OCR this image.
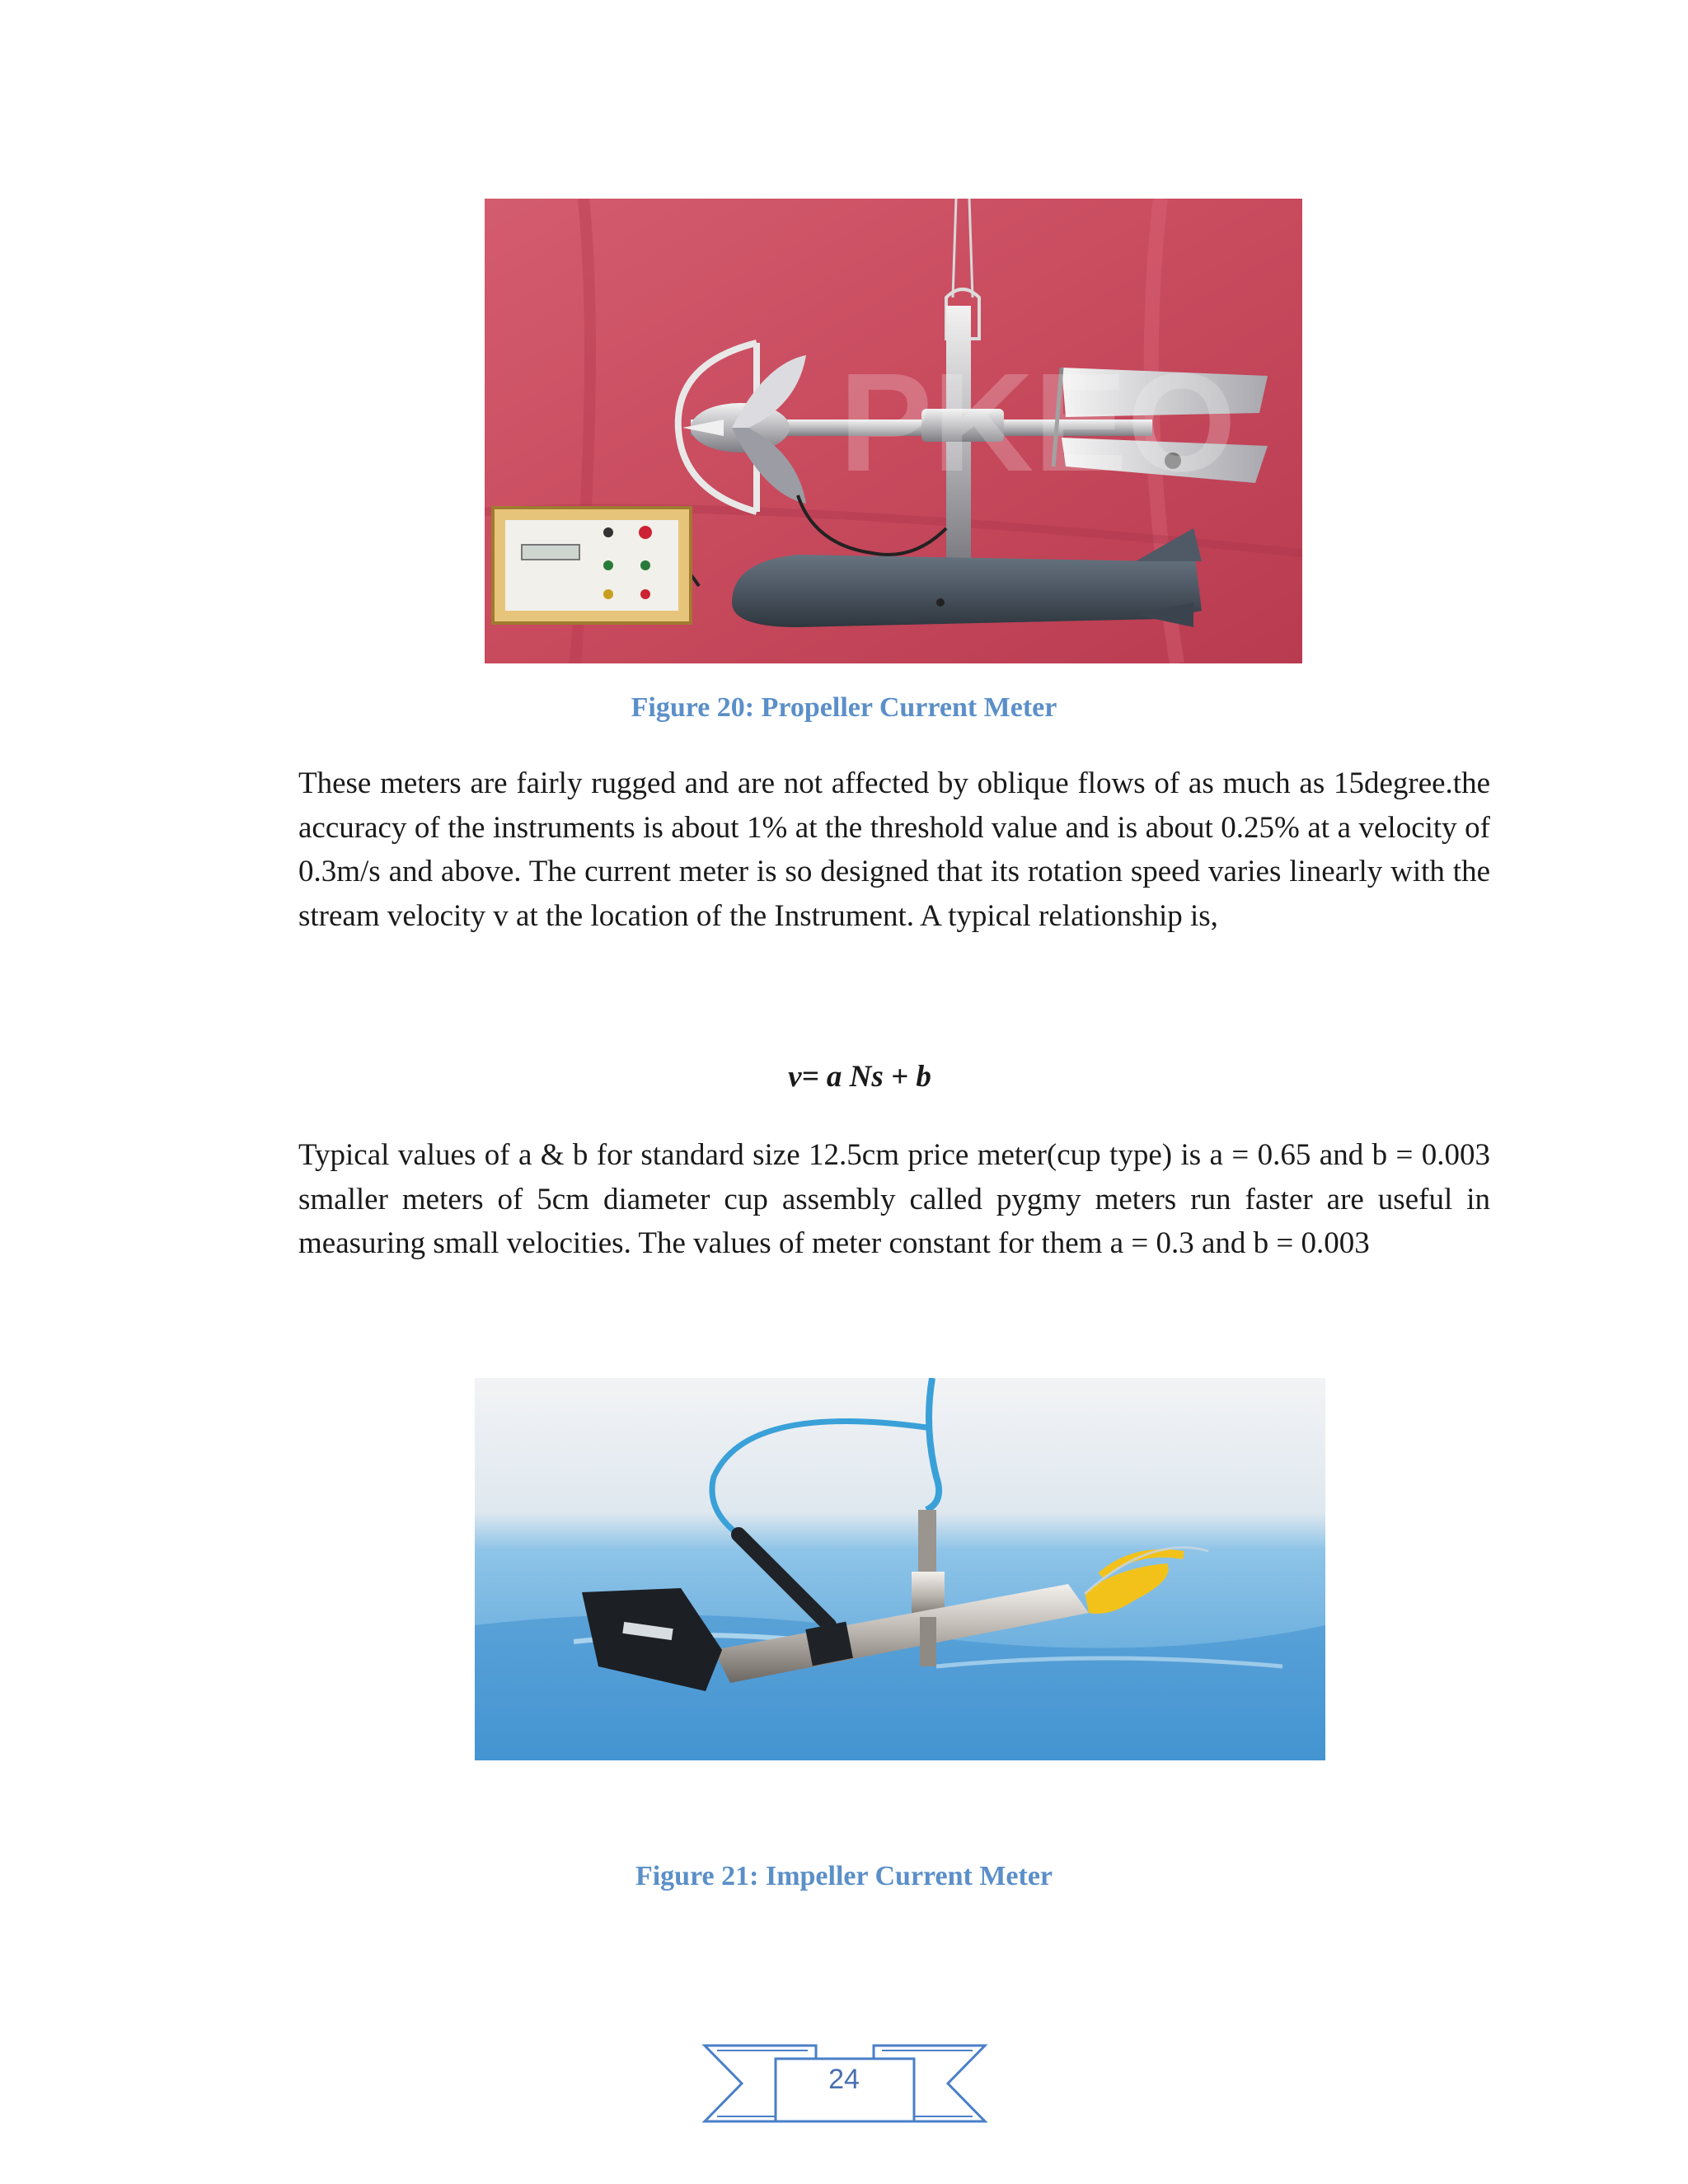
PKEO
Figure 20: Propeller Current Meter

These meters are fairly rugged and are not affected by oblique flows of as much as 15degree.the accuracy of the instruments is about 1% at the threshold value and is about 0.25% at a velocity of 0.3m/s and above. The current meter is so designed that its rotation speed varies linearly with the stream velocity v at the location of the Instrument. A typical relationship is,

v= a Ns + b

Typical values of a & b for standard size 12.5cm price meter(cup type) is a = 0.65 and b = 0.003 smaller meters of 5cm diameter cup assembly called pygmy meters run faster are useful in measuring small velocities. The values of meter constant for them a = 0.3 and b = 0.003

Figure 21: Impeller Current Meter
24
